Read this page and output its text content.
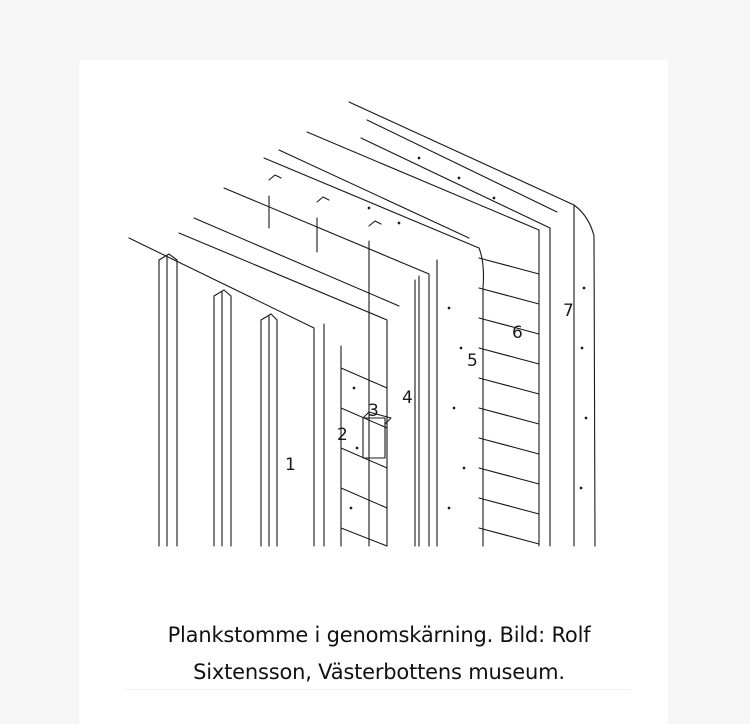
1
2
3
4
5
6
7
Plankstomme i genomskärning. Bild: Rolf Sixtensson, Västerbottens museum.
